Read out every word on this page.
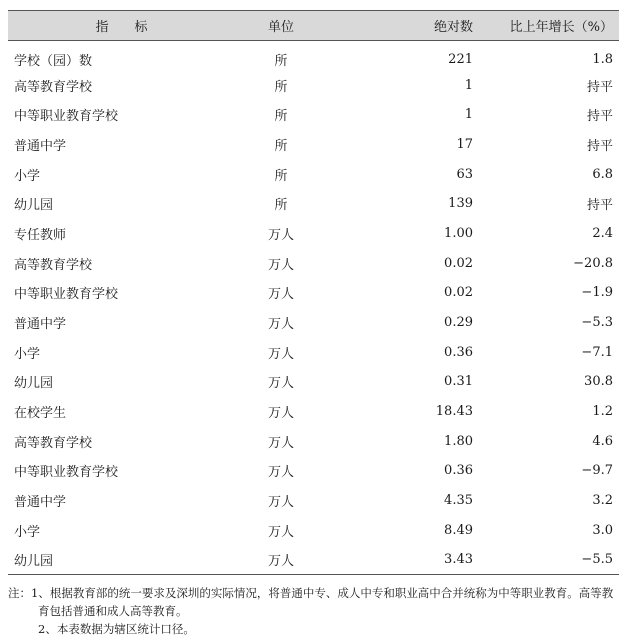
指　　标	单位	绝对数	比上年增长（%）
学校（园）数	所	221	1.8
高等教育学校	所	1	持平
中等职业教育学校	所	1	持平
普通中学	所	17	持平
小学	所	63	6.8
幼儿园	所	139	持平
专任教师	万人	1.00	2.4
高等教育学校	万人	0.02	−20.8
中等职业教育学校	万人	0.02	−1.9
普通中学	万人	0.29	−5.3
小学	万人	0.36	−7.1
幼儿园	万人	0.31	30.8
在校学生	万人	18.43	1.2
高等教育学校	万人	1.80	4.6
中等职业教育学校	万人	0.36	−9.7
普通中学	万人	4.35	3.2
小学	万人	8.49	3.0
幼儿园	万人	3.43	−5.5

注：1、根据教育部的统一要求及深圳的实际情况，将普通中专、成人中专和职业高中合并统称为中等职业教育。高等教育包括普通和成人高等教育。

2、本表数据为辖区统计口径。
